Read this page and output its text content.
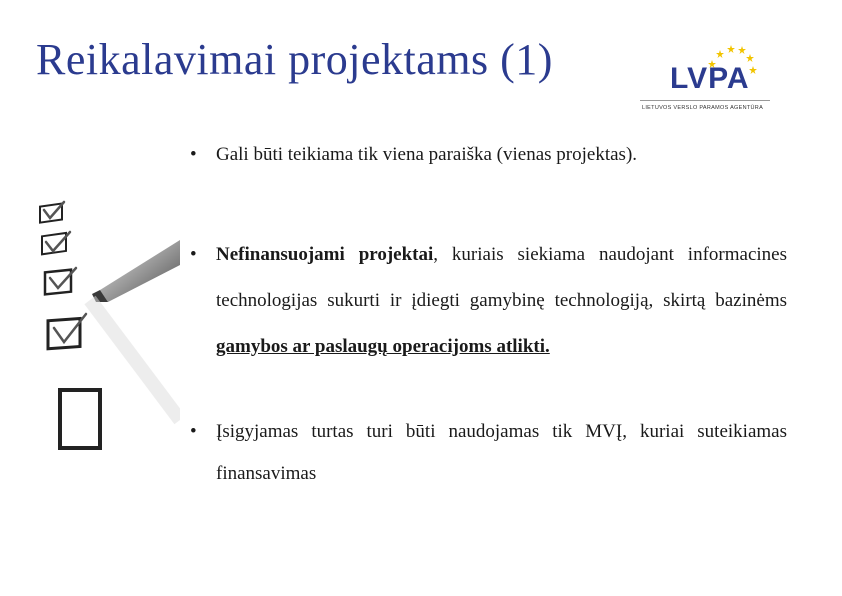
Reikalavimai projektams (1)	LVPA
LIETUVOS VERSLO PARAMOS AGENTŪRA

• Gali būti teikiama tik viena paraiška (vienas projektas).

• Nefinansuojami projektai, kuriais siekiama naudojant informacines technologijas sukurti ir įdiegti gamybinę technologiją, skirtą bazinėms gamybos ar paslaugų operacijoms atlikti.

• Įsigyjamas turtas turi būti naudojamas tik MVĮ, kuriai suteikiamas finansavimas
